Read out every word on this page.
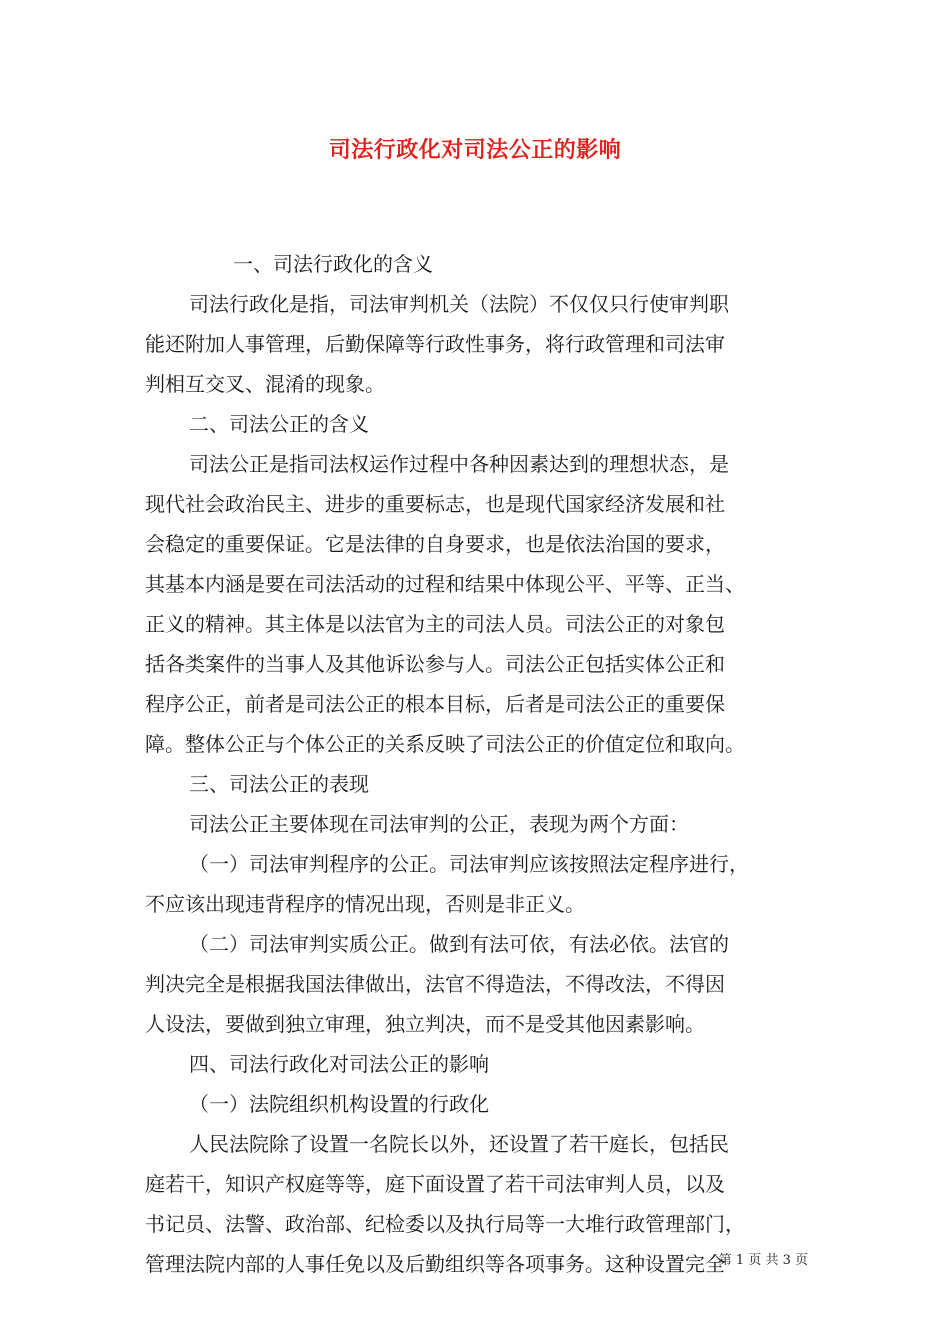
司法行政化对司法公正的影响
一、司法行政化的含义
司法行政化是指，司法审判机关（法院）不仅仅只行使审判职
能还附加人事管理，后勤保障等行政性事务，将行政管理和司法审
判相互交叉、混淆的现象。
二、司法公正的含义
司法公正是指司法权运作过程中各种因素达到的理想状态，是
现代社会政治民主、进步的重要标志，也是现代国家经济发展和社
会稳定的重要保证。它是法律的自身要求，也是依法治国的要求，
其基本内涵是要在司法活动的过程和结果中体现公平、平等、正当、
正义的精神。其主体是以法官为主的司法人员。司法公正的对象包
括各类案件的当事人及其他诉讼参与人。司法公正包括实体公正和
程序公正，前者是司法公正的根本目标，后者是司法公正的重要保
障。整体公正与个体公正的关系反映了司法公正的价值定位和取向。
三、司法公正的表现
司法公正主要体现在司法审判的公正，表现为两个方面：
（一）司法审判程序的公正。司法审判应该按照法定程序进行，
不应该出现违背程序的情况出现，否则是非正义。
（二）司法审判实质公正。做到有法可依，有法必依。法官的
判决完全是根据我国法律做出，法官不得造法，不得改法，不得因
人设法，要做到独立审理，独立判决，而不是受其他因素影响。
四、司法行政化对司法公正的影响
（一）法院组织机构设置的行政化
人民法院除了设置一名院长以外，还设置了若干庭长，包括民
庭若干，知识产权庭等等，庭下面设置了若干司法审判人员，以及
书记员、法警、政治部、纪检委以及执行局等一大堆行政管理部门，
管理法院内部的人事任免以及后勤组织等各项事务。这种设置完全
第 1 页 共 3 页
